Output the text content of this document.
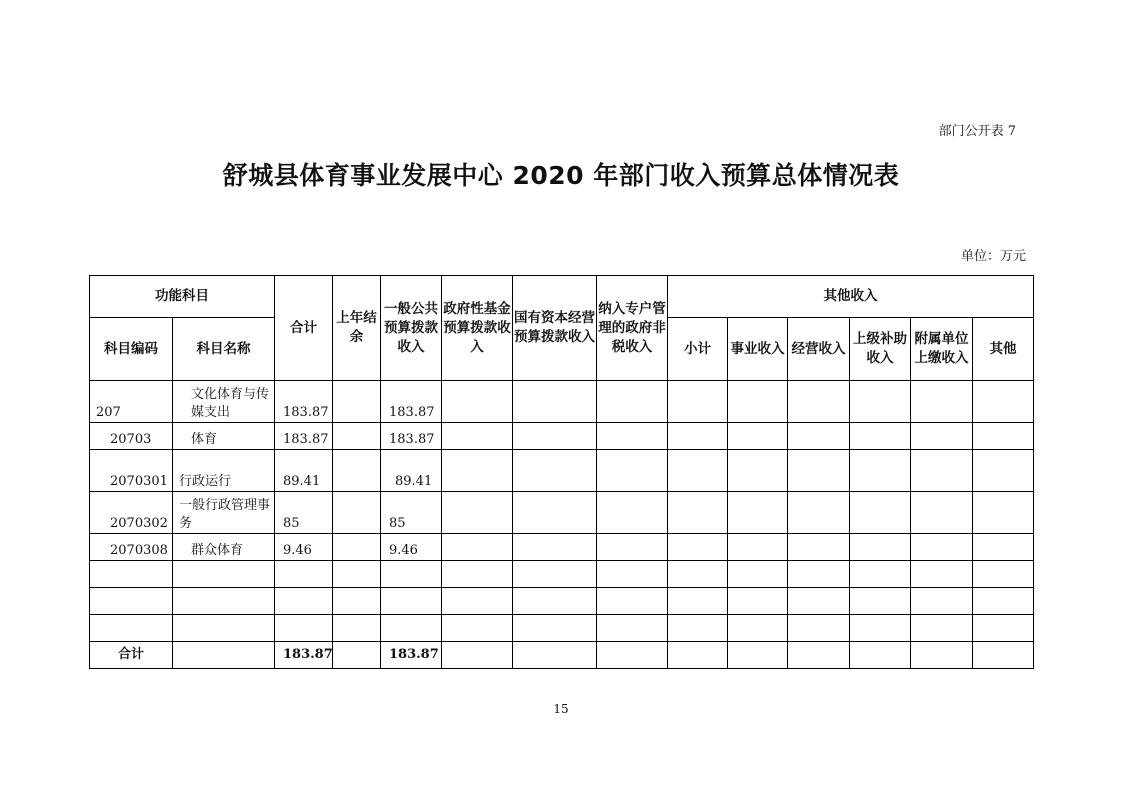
部门公开表 7
舒城县体育事业发展中心 2020 年部门收入预算总体情况表
单位：万元
功能科目		合计	上年结余	一般公共预算拨款收入	政府性基金预算拨款收入	国有资本经营预算拨款收入	纳入专户管理的政府非税收入	其他收入					
科目编码	科目名称							小计	事业收入	经营收入	上级补助收入	附属单位上缴收入	其他
207	文化体育与传媒支出	183.87		183.87									
20703	体育	183.87		183.87									
2070301	行政运行	89.41		89.41									
2070302	一般行政管理事务	85		85									
2070308	群众体育	9.46		9.46									

合计		183.87		183.87									
15
